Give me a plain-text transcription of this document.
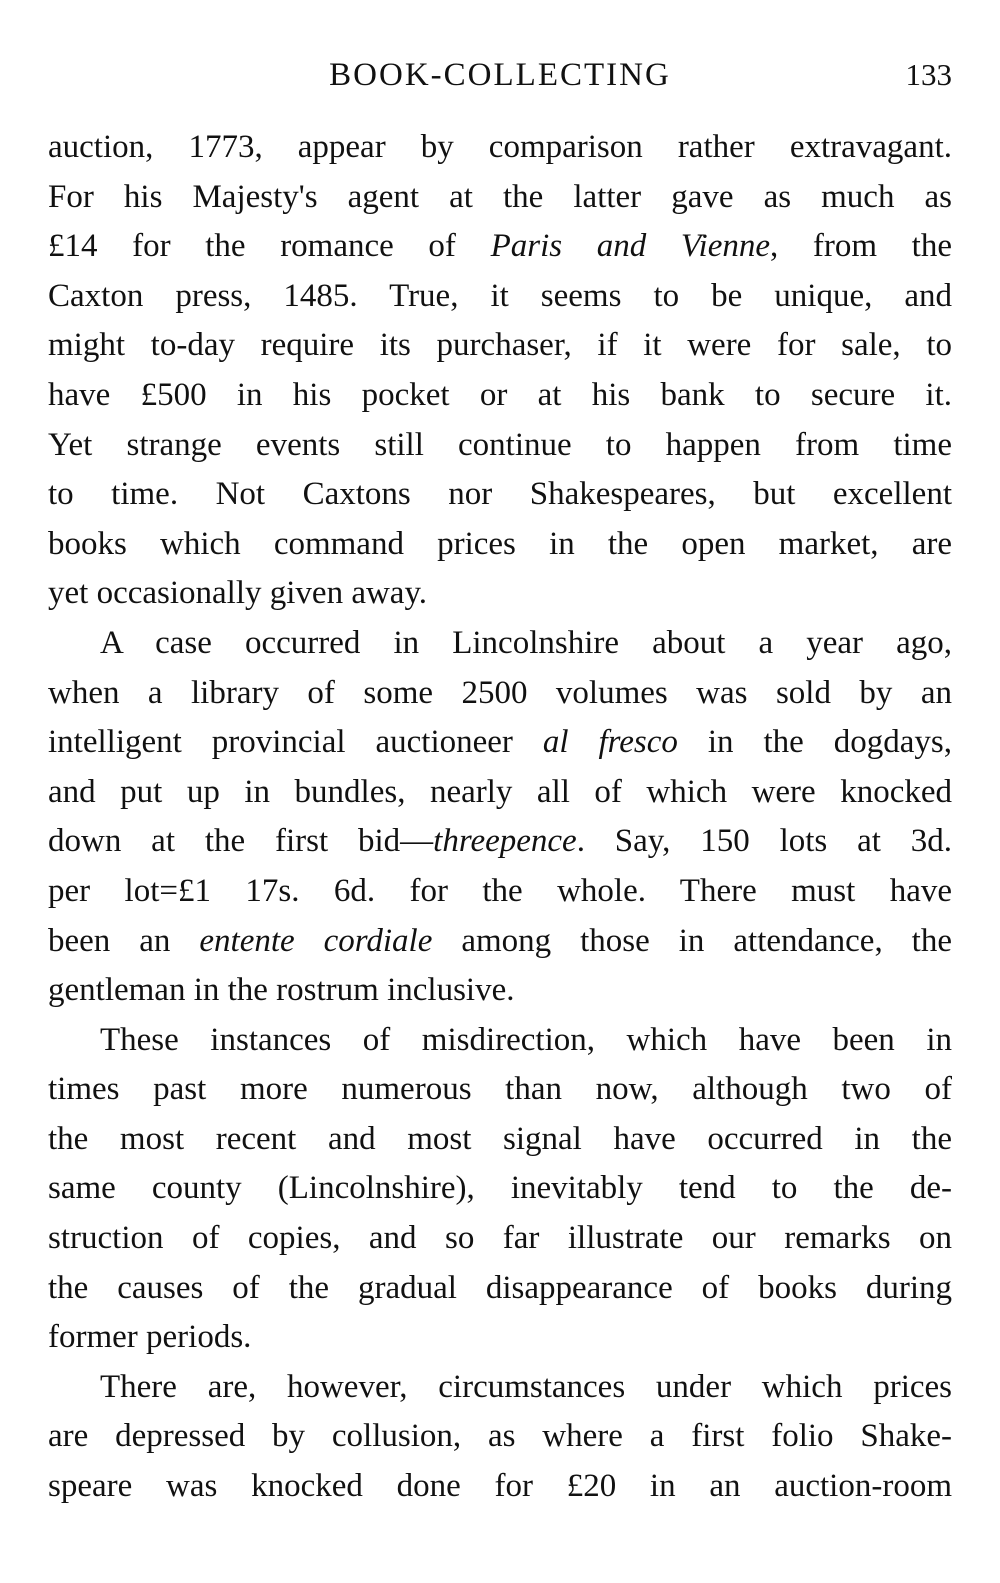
BOOK-COLLECTING	133
auction, 1773, appear by comparison rather extravagant.
For his Majesty's agent at the latter gave as much as
£14 for the romance of Paris and Vienne, from the
Caxton press, 1485. True, it seems to be unique, and
might to-day require its purchaser, if it were for sale, to
have £500 in his pocket or at his bank to secure it.
Yet strange events still continue to happen from time
to time. Not Caxtons nor Shakespeares, but excellent
books which command prices in the open market, are
yet occasionally given away.
A case occurred in Lincolnshire about a year ago,
when a library of some 2500 volumes was sold by an
intelligent provincial auctioneer al fresco in the dogdays,
and put up in bundles, nearly all of which were knocked
down at the first bid—threepence. Say, 150 lots at 3d.
per lot=£1 17s. 6d. for the whole. There must have
been an entente cordiale among those in attendance, the
gentleman in the rostrum inclusive.
These instances of misdirection, which have been in
times past more numerous than now, although two of
the most recent and most signal have occurred in the
same county (Lincolnshire), inevitably tend to the de-
struction of copies, and so far illustrate our remarks on
the causes of the gradual disappearance of books during
former periods.
There are, however, circumstances under which prices
are depressed by collusion, as where a first folio Shake-
speare was knocked done for £20 in an auction-room
